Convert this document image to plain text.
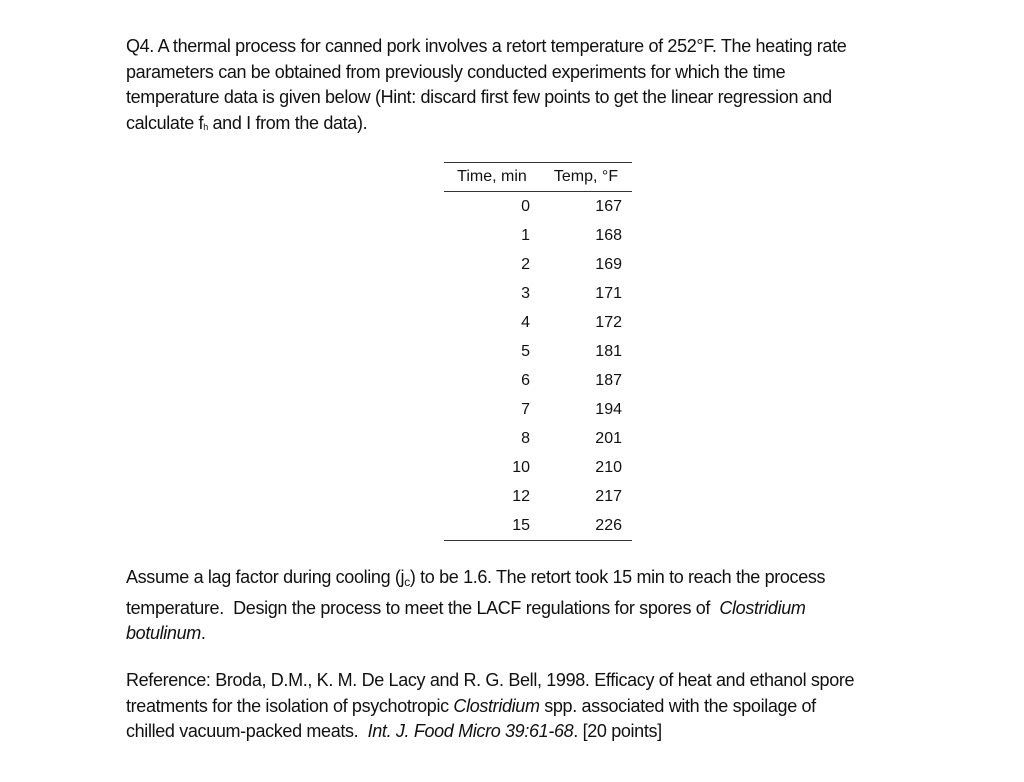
Q4. A thermal process for canned pork involves a retort temperature of 252°F. The heating rate
parameters can be obtained from previously conducted experiments for which the time
temperature data is given below (Hint: discard first few points to get the linear regression and
calculate fh and I from the data).
Time, min	Temp, °F
0	167
1	168
2	169
3	171
4	172
5	181
6	187
7	194
8	201
10	210
12	217
15	226
Assume a lag factor during cooling (jc) to be 1.6. The retort took 15 min to reach the process
temperature.  Design the process to meet the LACF regulations for spores of  Clostridium
botulinum.
Reference: Broda, D.M., K. M. De Lacy and R. G. Bell, 1998. Efficacy of heat and ethanol spore
treatments for the isolation of psychotropic Clostridium spp. associated with the spoilage of
chilled vacuum-packed meats.  Int. J. Food Micro 39:61-68. [20 points]
